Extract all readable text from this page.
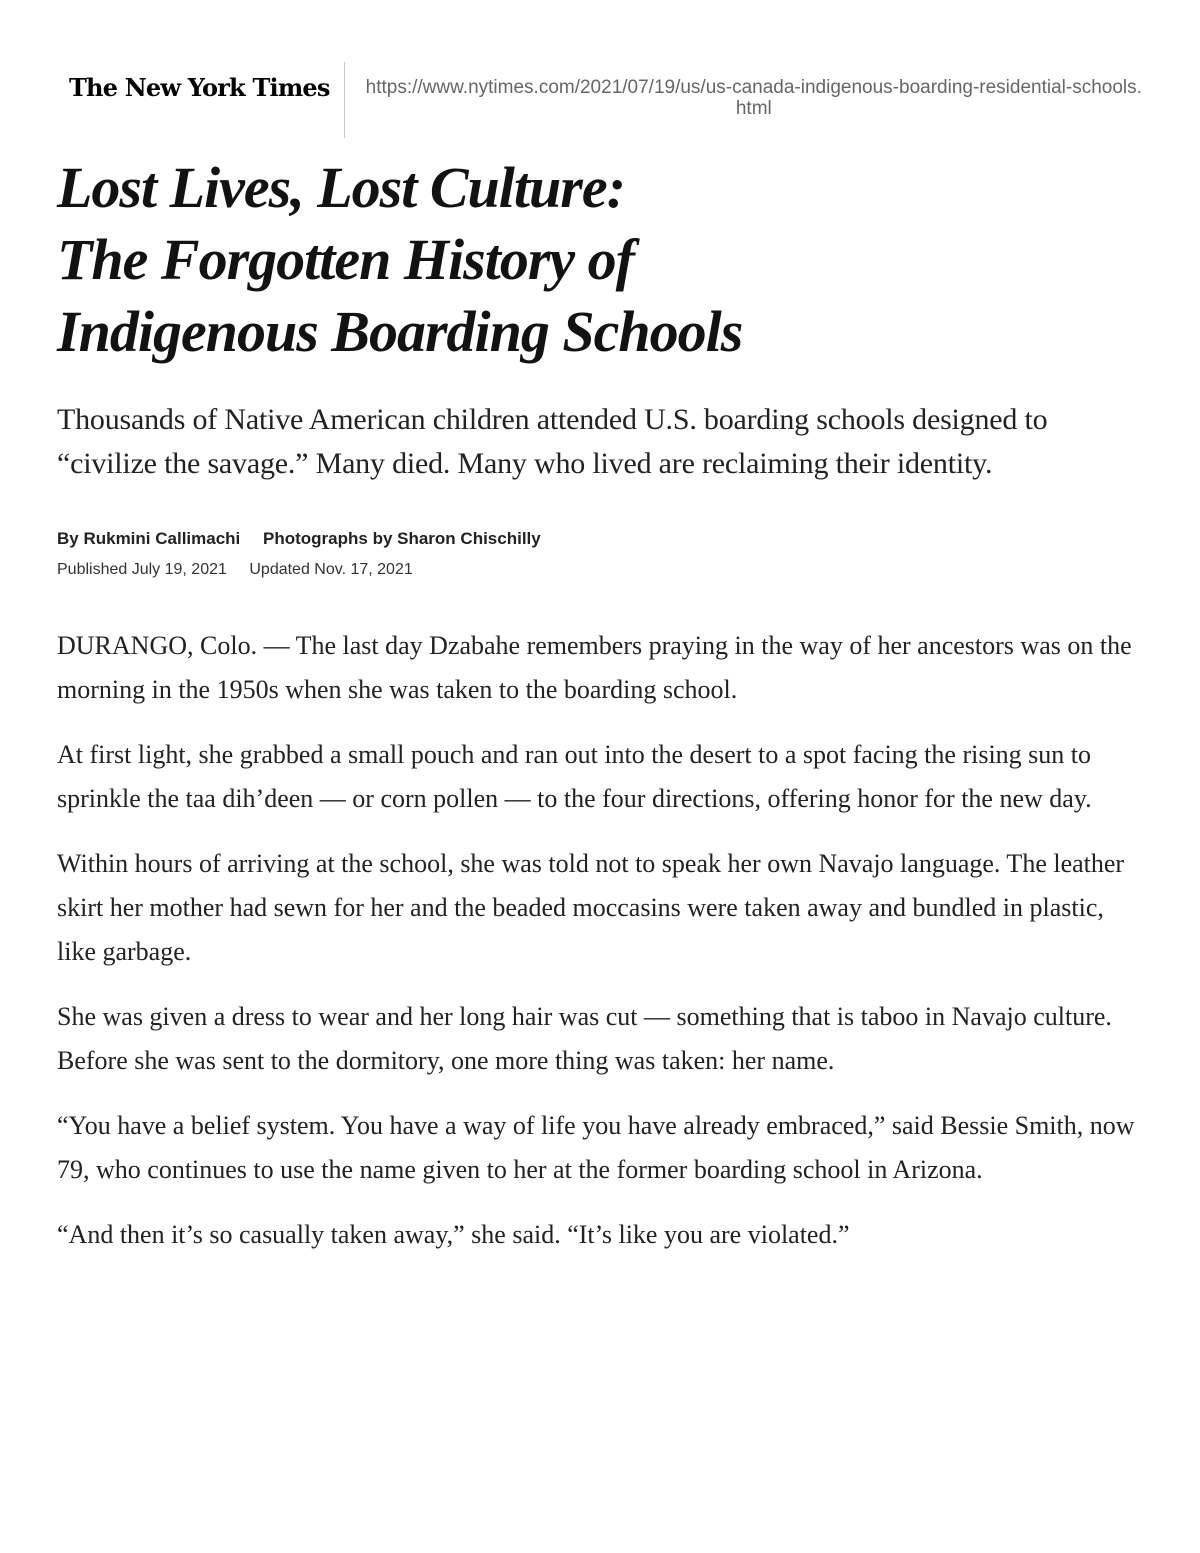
The New York Times https://www.nytimes.com/2021/07/19/us/us-canada-indigenous-boarding-residential-schools.html
Lost Lives, Lost Culture:
The Forgotten History of
Indigenous Boarding Schools

Thousands of Native American children attended U.S. boarding schools designed to “civilize the savage.” Many died. Many who lived are reclaiming their identity.

By Rukmini Callimachi Photographs by Sharon Chischilly
Published July 19, 2021 Updated Nov. 17, 2021

DURANGO, Colo. — The last day Dzabahe remembers praying in the way of her ancestors was on the morning in the 1950s when she was taken to the boarding school.

At first light, she grabbed a small pouch and ran out into the desert to a spot facing the rising sun to sprinkle the taa dih’deen — or corn pollen — to the four directions, offering honor for the new day.

Within hours of arriving at the school, she was told not to speak her own Navajo language. The leather skirt her mother had sewn for her and the beaded moccasins were taken away and bundled in plastic, like garbage.

She was given a dress to wear and her long hair was cut — something that is taboo in Navajo culture. Before she was sent to the dormitory, one more thing was taken: her name.

“You have a belief system. You have a way of life you have already embraced,” said Bessie Smith, now 79, who continues to use the name given to her at the former boarding school in Arizona.

“And then it’s so casually taken away,” she said. “It’s like you are violated.”
